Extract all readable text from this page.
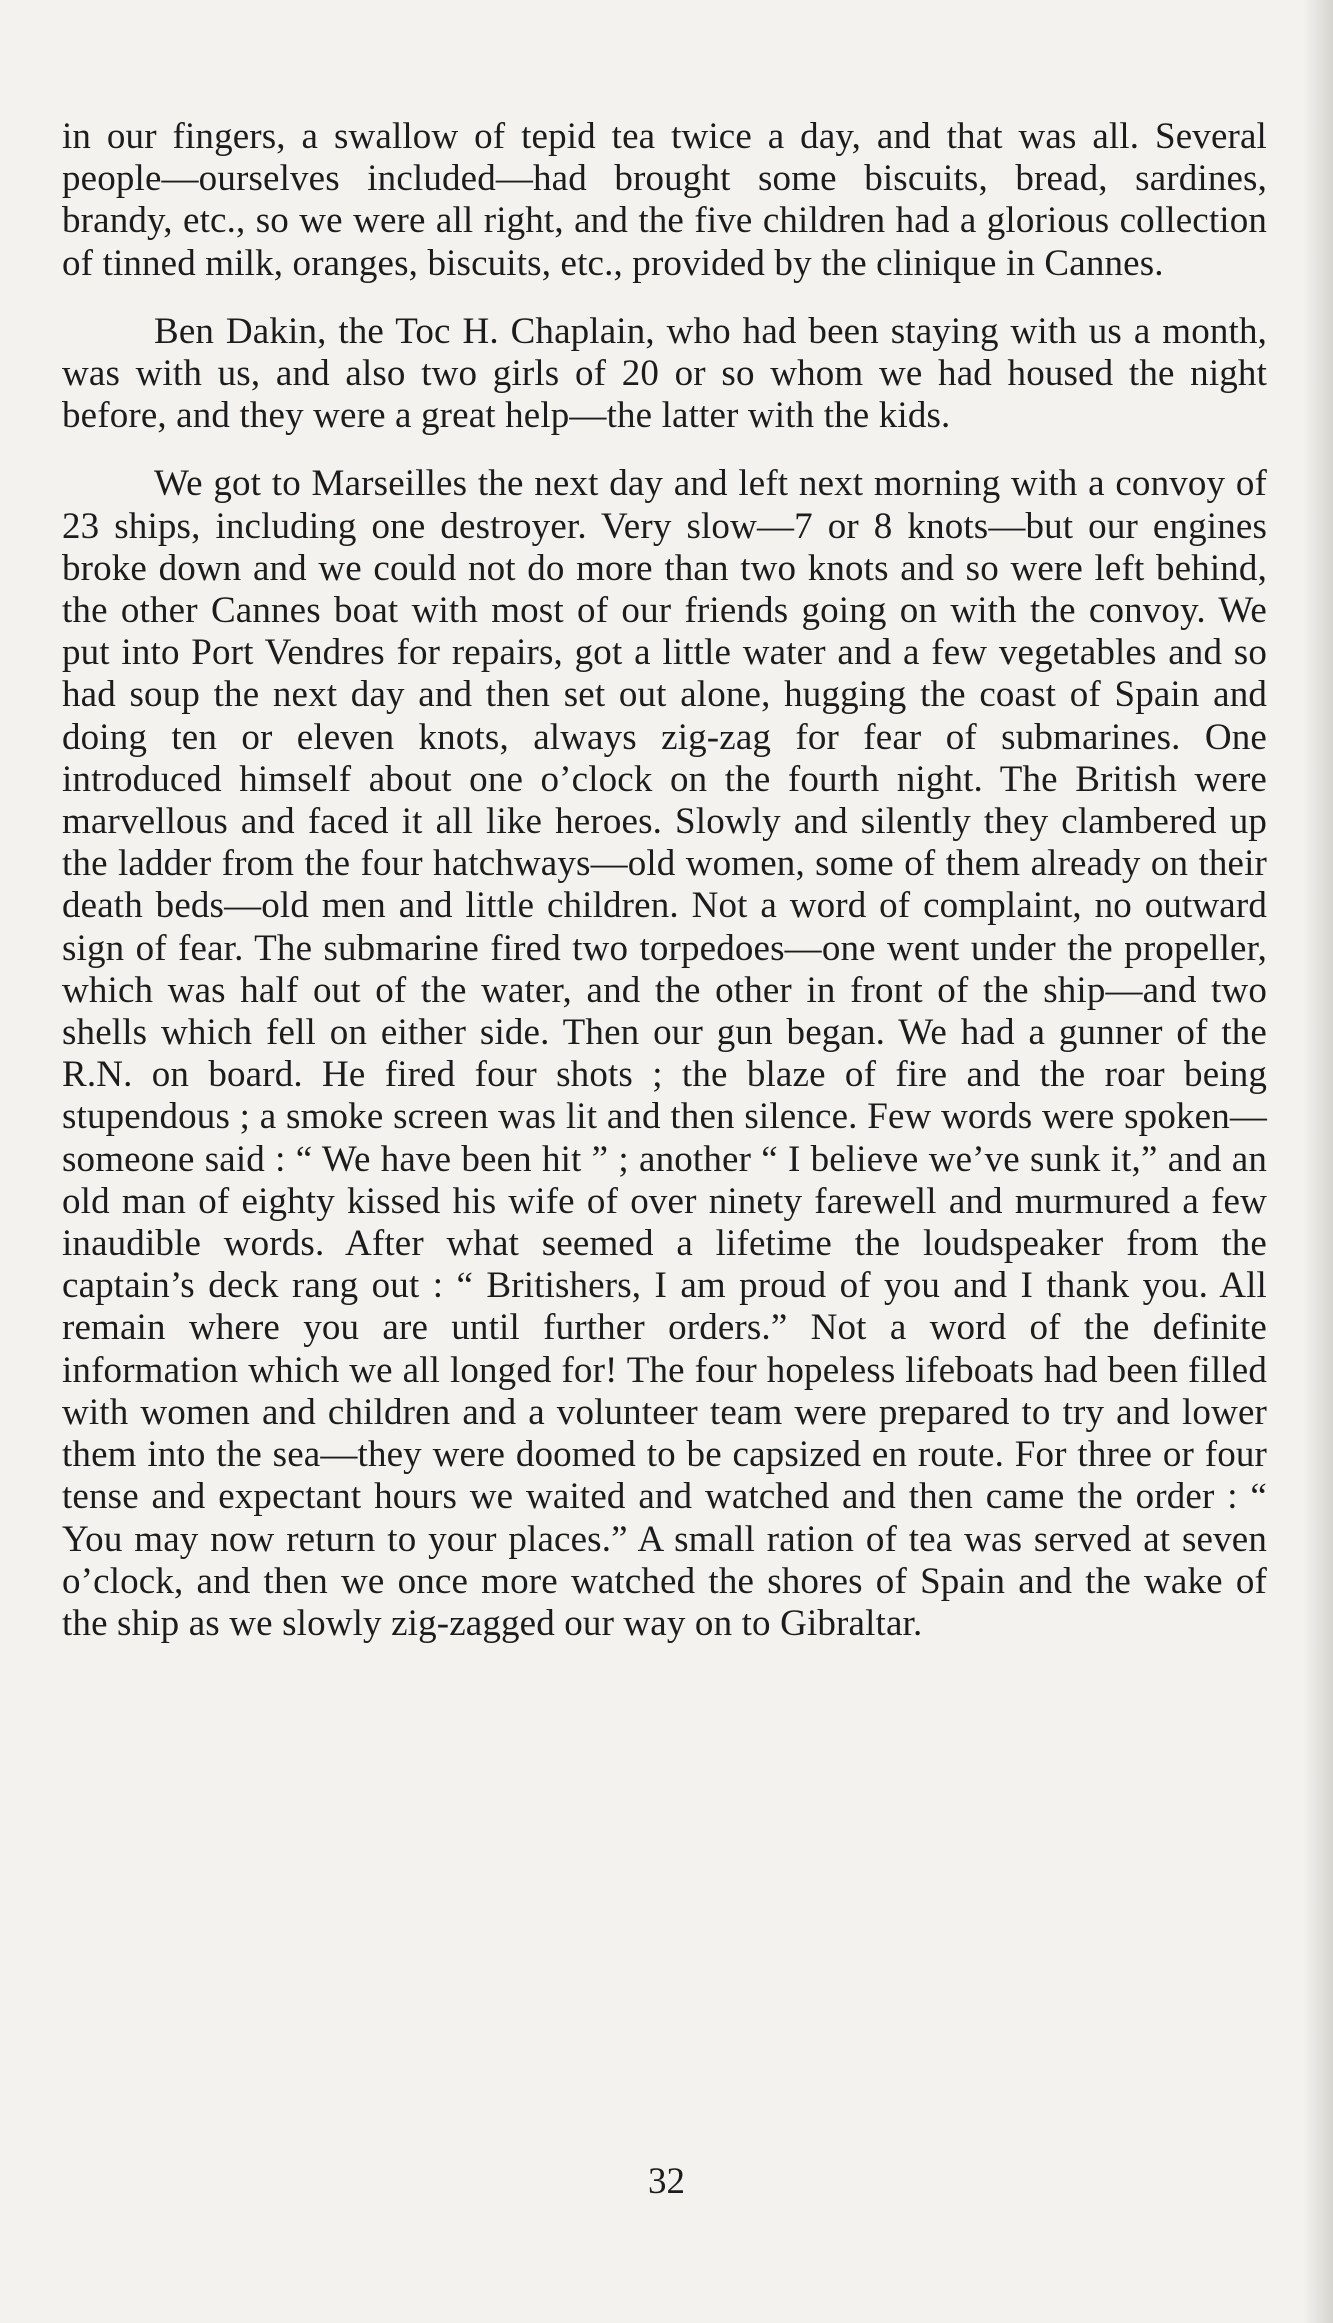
in our fingers, a swallow of tepid tea twice a day, and that was all. Several people—ourselves included—had brought some biscuits, bread, sardines, brandy, etc., so we were all right, and the five children had a glorious collection of tinned milk, oranges, biscuits, etc., provided by the clinique in Cannes.

Ben Dakin, the Toc H. Chaplain, who had been staying with us a month, was with us, and also two girls of 20 or so whom we had housed the night before, and they were a great help—the latter with the kids.

We got to Marseilles the next day and left next morning with a convoy of 23 ships, including one destroyer. Very slow—7 or 8 knots—but our engines broke down and we could not do more than two knots and so were left behind, the other Cannes boat with most of our friends going on with the convoy. We put into Port Vendres for repairs, got a little water and a few vegetables and so had soup the next day and then set out alone, hugging the coast of Spain and doing ten or eleven knots, always zig-zag for fear of submarines. One introduced himself about one o’clock on the fourth night. The British were marvellous and faced it all like heroes. Slowly and silently they clambered up the ladder from the four hatchways—old women, some of them already on their death beds—old men and little children. Not a word of complaint, no outward sign of fear. The submarine fired two torpedoes—one went under the propeller, which was half out of the water, and the other in front of the ship—and two shells which fell on either side. Then our gun began. We had a gunner of the R.N. on board. He fired four shots ; the blaze of fire and the roar being stupendous ; a smoke screen was lit and then silence. Few words were spoken—someone said : “ We have been hit ” ; another “ I believe we’ve sunk it,” and an old man of eighty kissed his wife of over ninety farewell and murmured a few inaudible words. After what seemed a lifetime the loudspeaker from the captain’s deck rang out : “ Britishers, I am proud of you and I thank you. All remain where you are until further orders.” Not a word of the definite information which we all longed for! The four hopeless lifeboats had been filled with women and children and a volunteer team were prepared to try and lower them into the sea—they were doomed to be capsized en route. For three or four tense and expectant hours we waited and watched and then came the order : “ You may now return to your places.” A small ration of tea was served at seven o’clock, and then we once more watched the shores of Spain and the wake of the ship as we slowly zig-zagged our way on to Gibraltar.

32
